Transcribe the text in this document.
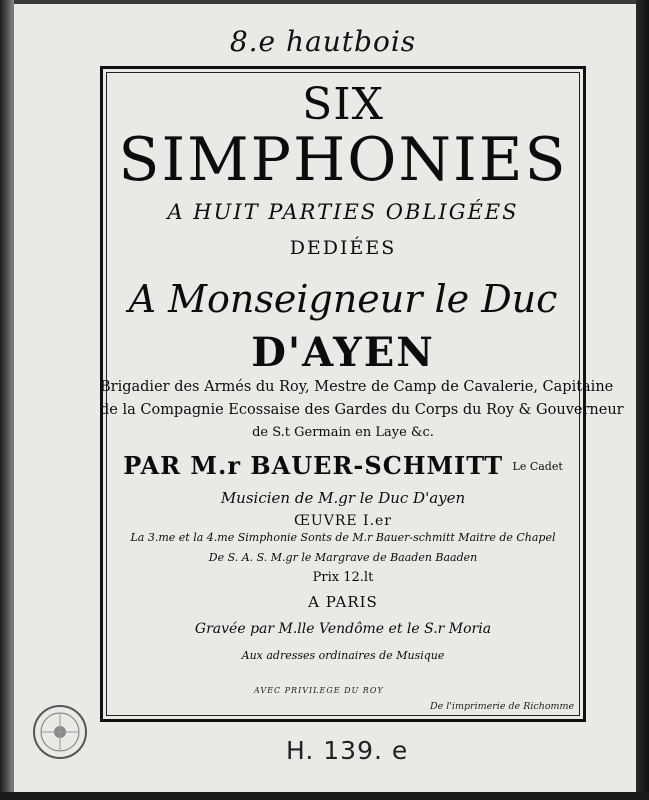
8.e hautbois
SIX
SIMPHONIES
A HUIT PARTIES OBLIGÉES
DEDIÉES
A Monseigneur le Duc
D'AYEN
Brigadier des Armés du Roy, Mestre de Camp de Cavalerie, Capitaine
de la Compagnie Ecossaise des Gardes du Corps du Roy & Gouverneur
de S.t Germain en Laye &c.
PAR M.r BAUER-SCHMITT Le Cadet
Musicien de M.gr le Duc D'ayen
ŒUVRE I.er
La 3.me et la 4.me Simphonie Sonts de M.r Bauer-schmitt Maitre de Chapel
De S. A. S. M.gr le Margrave de Baaden Baaden
Prix 12.lt
A PARIS
Gravée par M.lle Vendôme et le S.r Moria
Aux adresses ordinaires de Musique
AVEC PRIVILEGE DU ROY
De l'imprimerie de Richomme
H. 139. e
